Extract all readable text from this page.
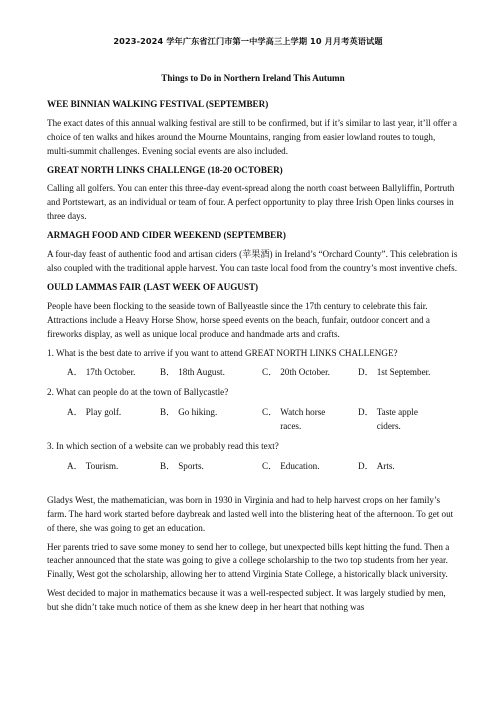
2023-2024 学年广东省江门市第一中学高三上学期 10 月月考英语试题
Things to Do in Northern Ireland This Autumn
WEE BINNIAN WALKING FESTIVAL (SEPTEMBER)
The exact dates of this annual walking festival are still to be confirmed, but if it’s similar to last year, it’ll offer a choice of ten walks and hikes around the Mourne Mountains, ranging from easier lowland routes to tough, multi-summit challenges. Evening social events are also included.
GREAT NORTH LINKS CHALLENGE (18-20 OCTOBER)
Calling all golfers. You can enter this three-day event-spread along the north coast between Ballyliffin, Portruth and Portstewart, as an individual or team of four. A perfect opportunity to play three Irish Open links courses in three days.
ARMAGH FOOD AND CIDER WEEKEND (SEPTEMBER)
A four-day feast of authentic food and artisan ciders (苹果酒) in Ireland’s “Orchard County”. This celebration is also coupled with the traditional apple harvest. You can taste local food from the country’s most inventive chefs.
OULD LAMMAS FAIR (LAST WEEK OF AUGUST)
People have been flocking to the seaside town of Ballyeastle since the 17th century to celebrate this fair. Attractions include a Heavy Horse Show, horse speed events on the beach, funfair, outdoor concert and a fireworks display, as well as unique local produce and handmade arts and crafts.
1. What is the best date to arrive if you want to attend GREAT NORTH LINKS CHALLENGE?
A． 17th October.	B． 18th August.	C． 20th October.	D． 1st September.
2. What can people do at the town of Ballycastle?
A． Play golf.	B． Go hiking.	C． Watch horse races.
D． Taste apple ciders.
3. In which section of a website can we probably read this text?
A． Tourism.	B． Sports.	C． Education.	D． Arts.
Gladys West, the mathematician, was born in 1930 in Virginia and had to help harvest crops on her family’s farm. The hard work started before daybreak and lasted well into the blistering heat of the afternoon. To get out of there, she was going to get an education.
Her parents tried to save some money to send her to college, but unexpected bills kept hitting the fund. Then a teacher announced that the state was going to give a college scholarship to the two top students from her year. Finally, West got the scholarship, allowing her to attend Virginia State College, a historically black university.
West decided to major in mathematics because it was a well-respected subject. It was largely studied by men, but she didn’t take much notice of them as she knew deep in her heart that nothing was
